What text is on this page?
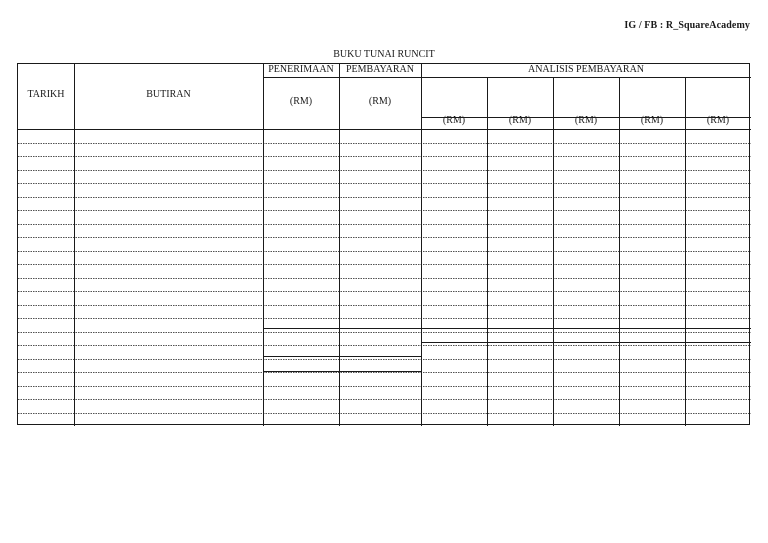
IG / FB : R_SquareAcademy
BUKU TUNAI RUNCIT
TARIKH	BUTIRAN
PENERIMAAN	PEMBAYARAN	ANALISIS PEMBAYARAN
(RM)	(RM)
(RM)	(RM)	(RM)	(RM)	(RM)
